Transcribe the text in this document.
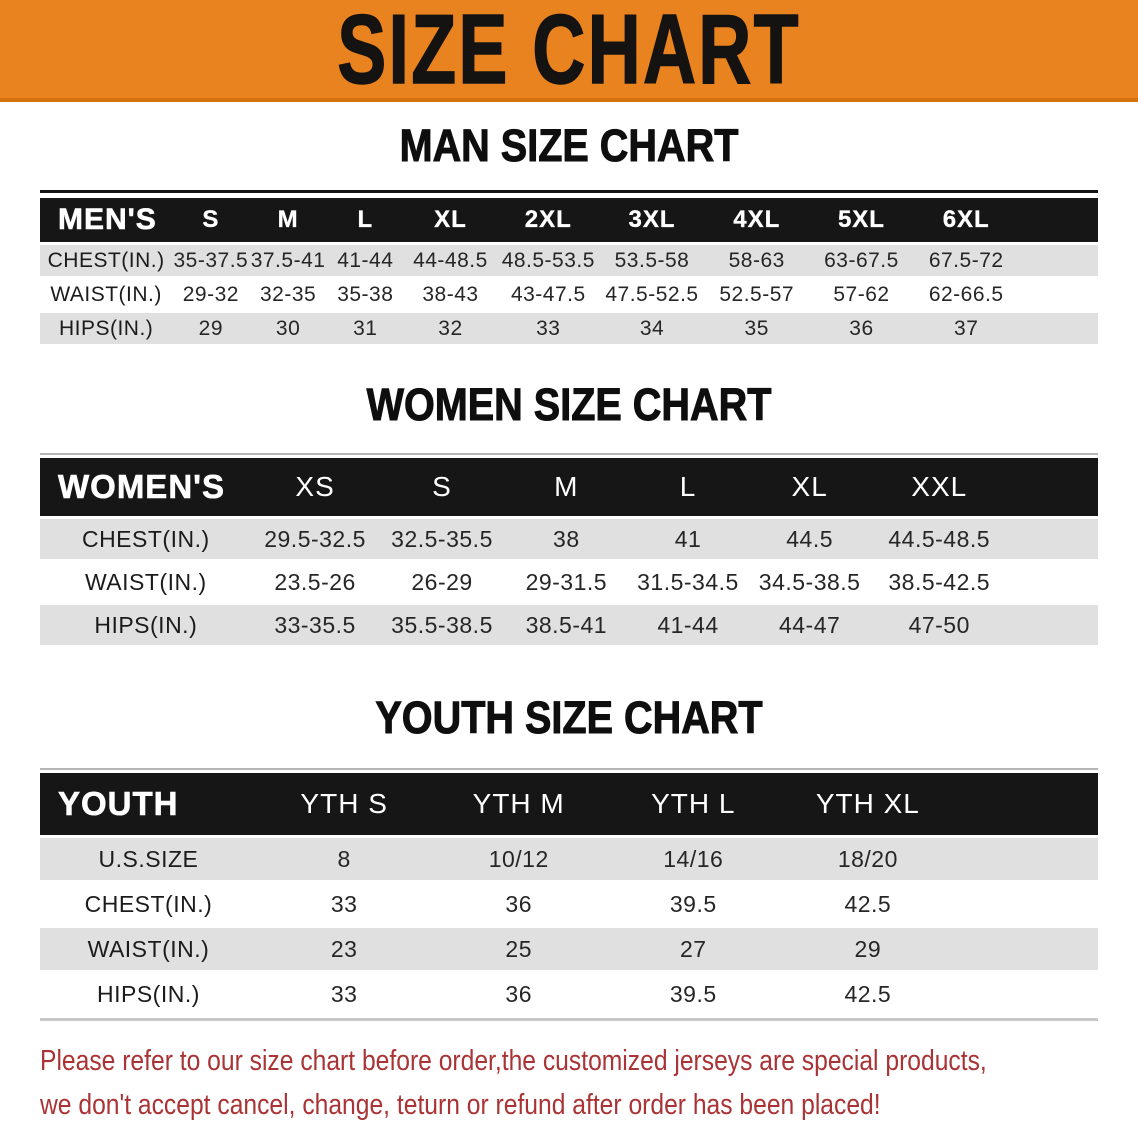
SIZE CHART
MAN SIZE CHART
MEN'S	S	M	L	XL	2XL	3XL	4XL	5XL	6XL	
CHEST(IN.)	35-37.5	37.5-41	41-44	44-48.5	48.5-53.5	53.5-58	58-63	63-67.5	67.5-72	
WAIST(IN.)	29-32	32-35	35-38	38-43	43-47.5	47.5-52.5	52.5-57	57-62	62-66.5	
HIPS(IN.)	29	30	31	32	33	34	35	36	37	
WOMEN SIZE CHART
WOMEN'S	XS	S	M	L	XL	XXL	
CHEST(IN.)	29.5-32.5	32.5-35.5	38	41	44.5	44.5-48.5	
WAIST(IN.)	23.5-26	26-29	29-31.5	31.5-34.5	34.5-38.5	38.5-42.5	
HIPS(IN.)	33-35.5	35.5-38.5	38.5-41	41-44	44-47	47-50	
YOUTH SIZE CHART
YOUTH	YTH S	YTH M	YTH L	YTH XL	
U.S.SIZE	8	10/12	14/16	18/20	
CHEST(IN.)	33	36	39.5	42.5	
WAIST(IN.)	23	25	27	29	
HIPS(IN.)	33	36	39.5	42.5	
Please refer to our size chart before order,the customized jerseys are special products,
we don't accept cancel, change, teturn or refund after order has been placed!
